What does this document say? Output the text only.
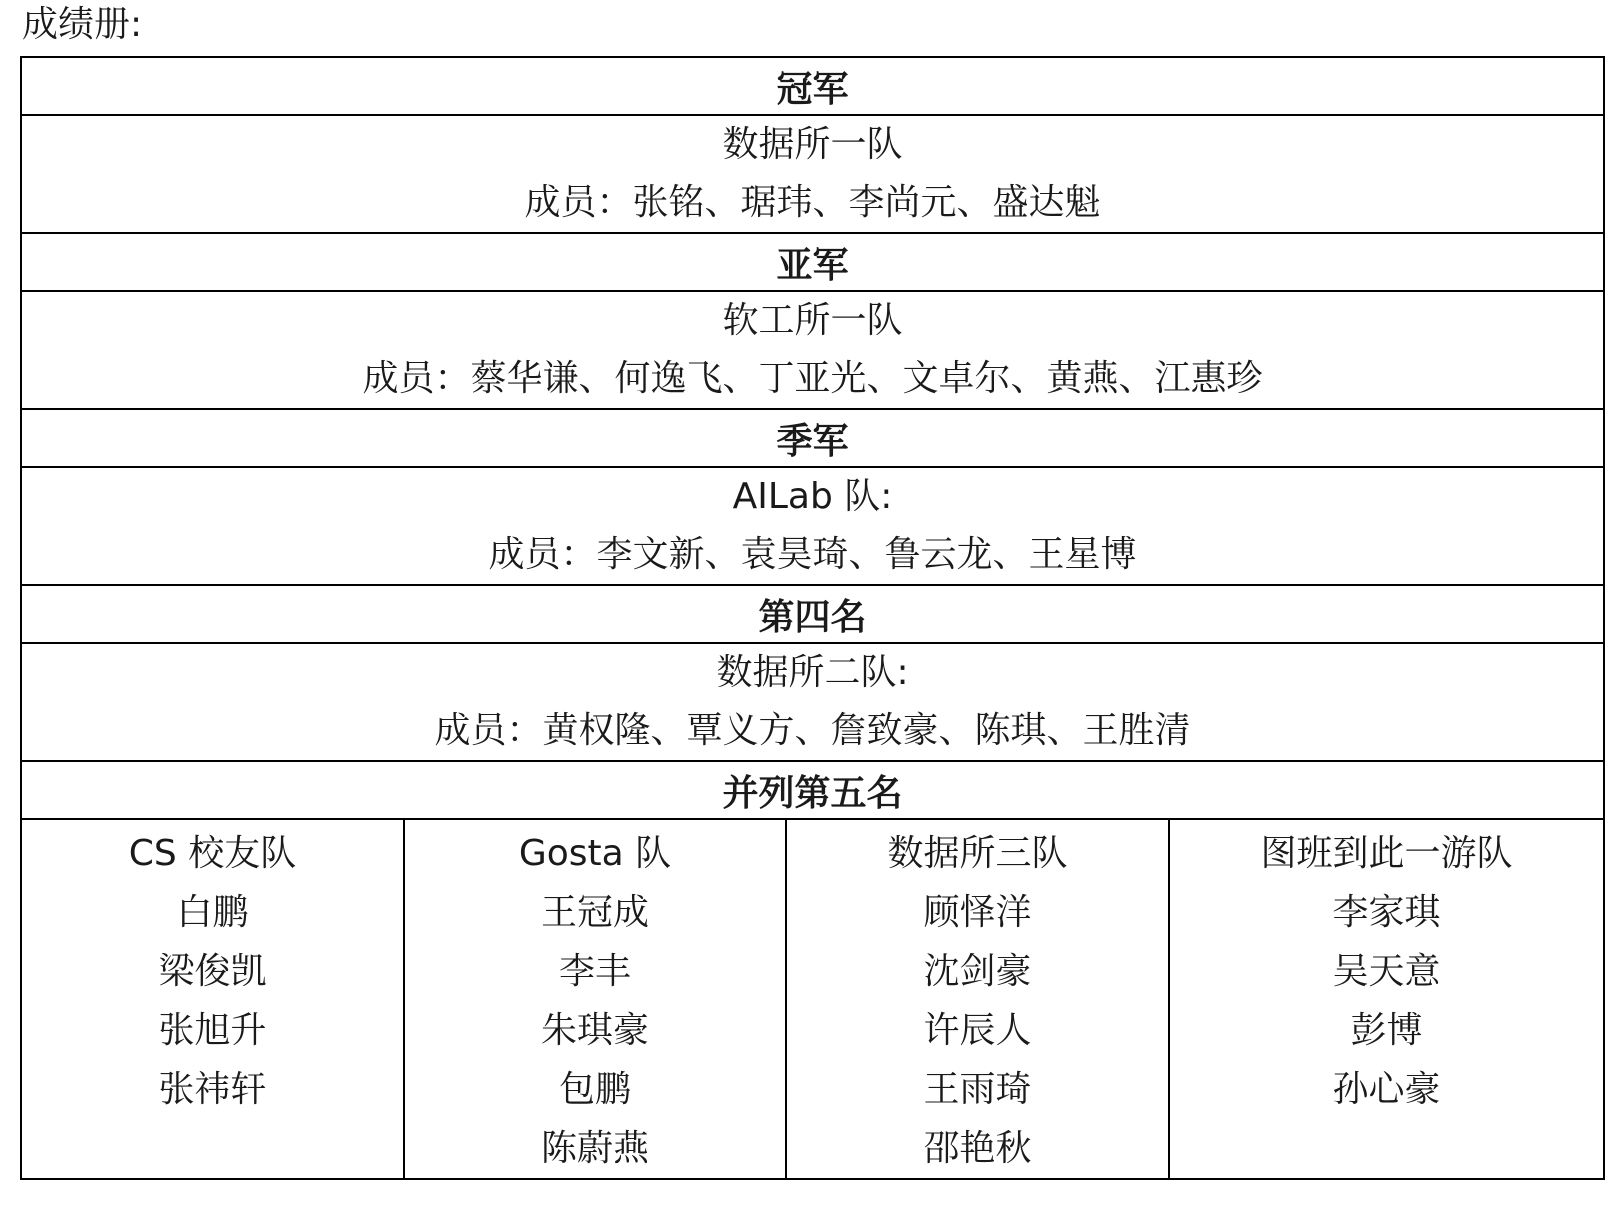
成绩册:
冠军

数据所一队
成员：张铭、琚玮、李尚元、盛达魁

亚军

软工所一队
成员：蔡华谦、何逸飞、丁亚光、文卓尔、黄燕、江惠珍

季军

AILab 队:
成员：李文新、袁昊琦、鲁云龙、王星博

第四名

数据所二队:
成员：黄权隆、覃义方、詹致豪、陈琪、王胜清

并列第五名

CS 校友队
白鹏
梁俊凯
张旭升
张祎轩

Gosta 队
王冠成
李丰
朱琪豪
包鹏
陈蔚燕

数据所三队
顾怿洋
沈剑豪
许辰人
王雨琦
邵艳秋

图班到此一游队
李家琪
吴天意
彭博
孙心豪
